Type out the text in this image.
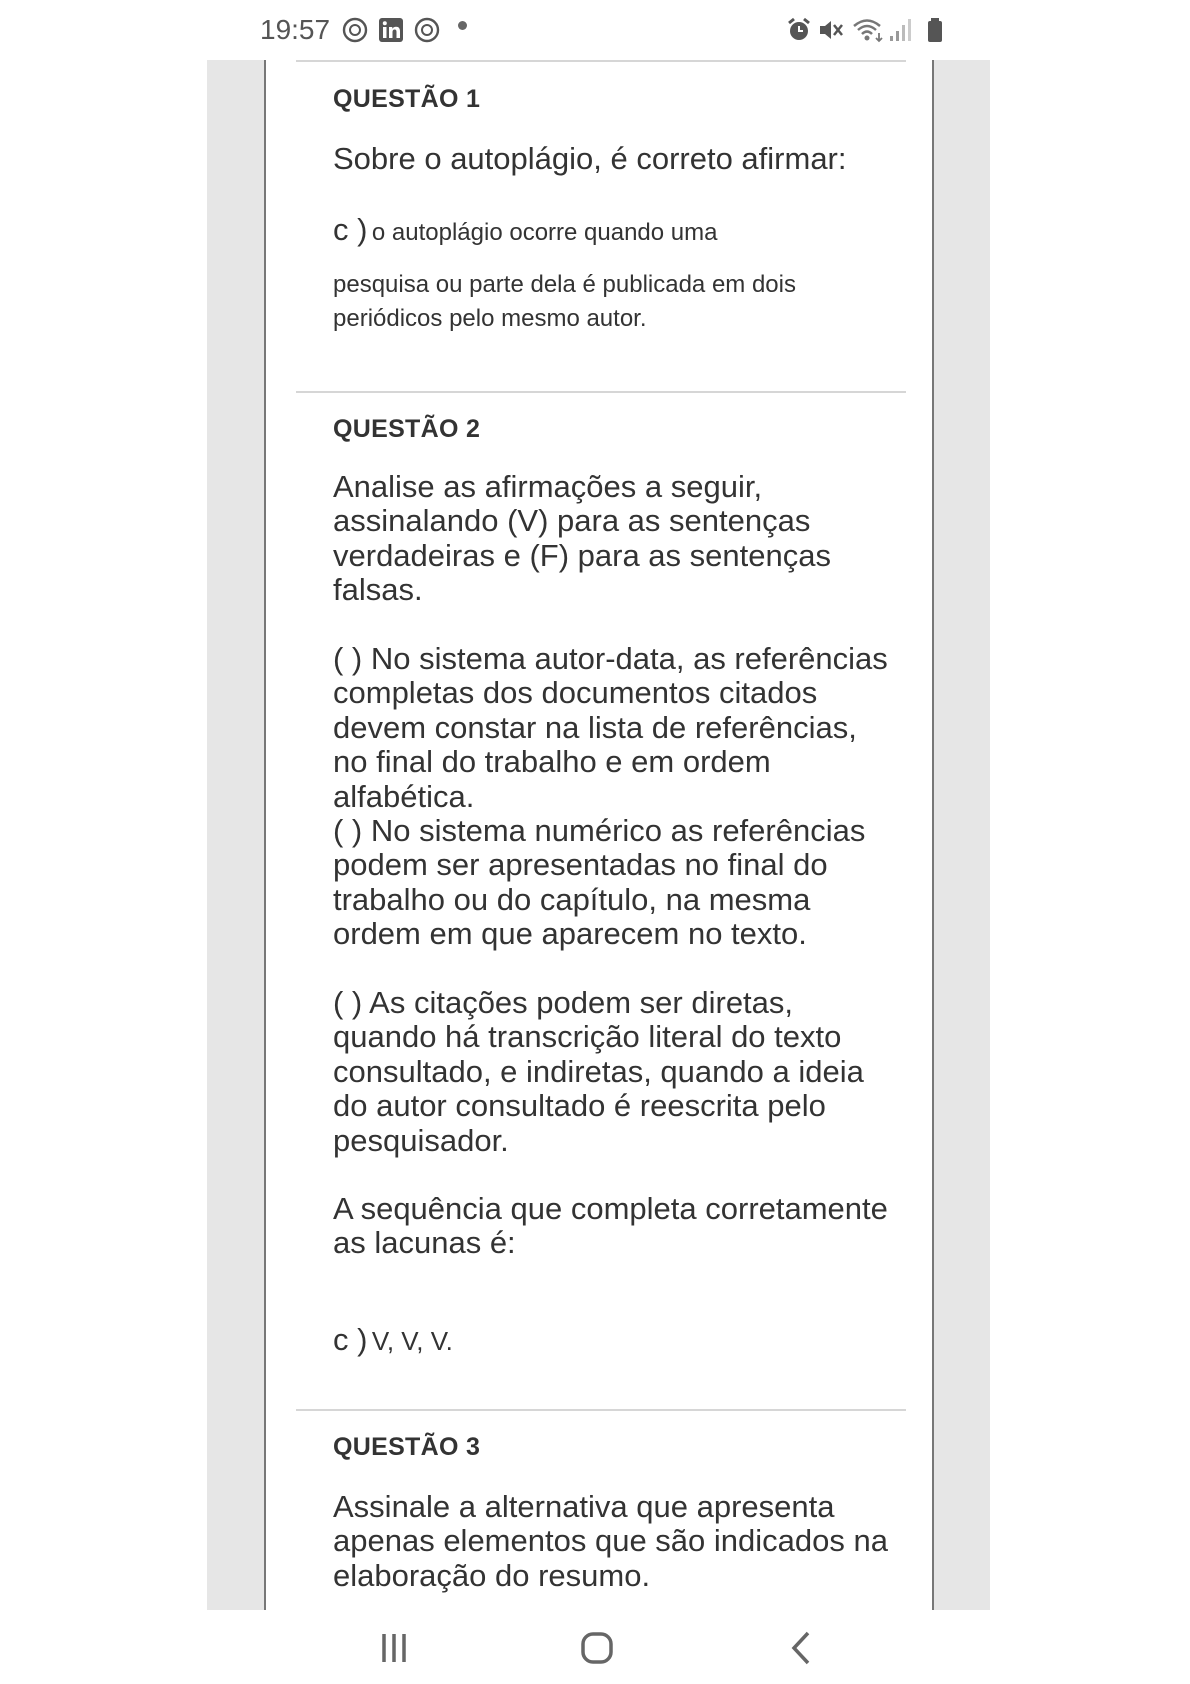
19:57
QUESTÃO 1
Sobre o autoplágio, é correto afirmar:
c ) o autoplágio ocorre quando uma
pesquisa ou parte dela é publicada em dois periódicos pelo mesmo autor.
QUESTÃO 2
Analise as afirmações a seguir, assinalando (V) para as sentenças verdadeiras e (F) para as sentenças falsas.
( ) No sistema autor-data, as referências completas dos documentos citados devem constar na lista de referências, no final do trabalho e em ordem alfabética.
( ) No sistema numérico as referências podem ser apresentadas no final do trabalho ou do capítulo, na mesma ordem em que aparecem no texto.
( ) As citações podem ser diretas, quando há transcrição literal do texto consultado, e indiretas, quando a ideia do autor consultado é reescrita pelo pesquisador.
A sequência que completa corretamente as lacunas é:
c ) V, V, V.
QUESTÃO 3
Assinale a alternativa que apresenta apenas elementos que são indicados na elaboração do resumo.
